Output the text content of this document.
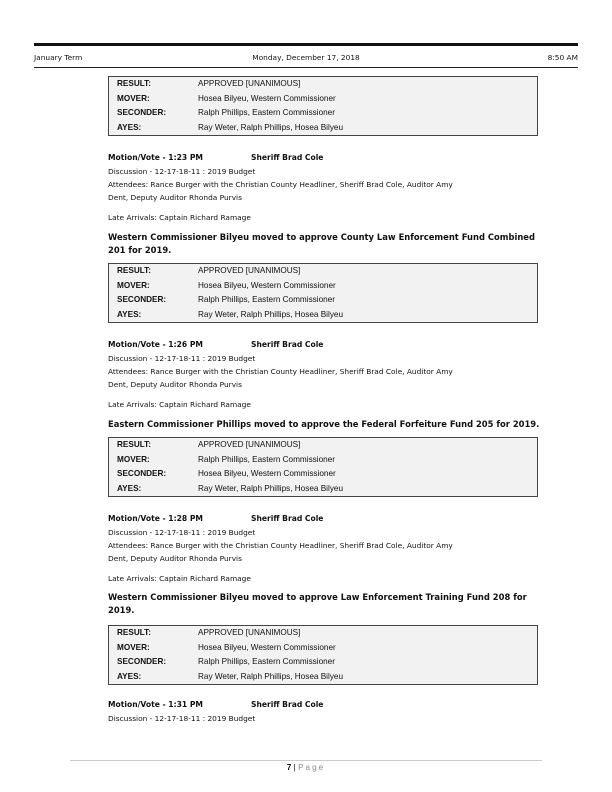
January Term	Monday, December 17, 2018	8:50 AM
RESULT:	APPROVED [UNANIMOUS]
MOVER:	Hosea Bilyeu, Western Commissioner
SECONDER:	Ralph Phillips, Eastern Commissioner
AYES:	Ray Weter, Ralph Phillips, Hosea Bilyeu
Motion/Vote - 1:23 PM	Sheriff Brad Cole
Discussion - 12-17-18-11 : 2019 Budget
Attendees: Rance Burger with the Christian County Headliner, Sheriff Brad Cole, Auditor Amy
Dent, Deputy Auditor Rhonda Purvis
Late Arrivals: Captain Richard Ramage
Western Commissioner Bilyeu moved to approve County Law Enforcement Fund Combined
201 for 2019.
RESULT:	APPROVED [UNANIMOUS]
MOVER:	Hosea Bilyeu, Western Commissioner
SECONDER:	Ralph Phillips, Eastern Commissioner
AYES:	Ray Weter, Ralph Phillips, Hosea Bilyeu
Motion/Vote - 1:26 PM	Sheriff Brad Cole
Discussion - 12-17-18-11 : 2019 Budget
Attendees: Rance Burger with the Christian County Headliner, Sheriff Brad Cole, Auditor Amy
Dent, Deputy Auditor Rhonda Purvis
Late Arrivals: Captain Richard Ramage
Eastern Commissioner Phillips moved to approve the Federal Forfeiture Fund 205 for 2019.
RESULT:	APPROVED [UNANIMOUS]
MOVER:	Ralph Phillips, Eastern Commissioner
SECONDER:	Hosea Bilyeu, Western Commissioner
AYES:	Ray Weter, Ralph Phillips, Hosea Bilyeu
Motion/Vote - 1:28 PM	Sheriff Brad Cole
Discussion - 12-17-18-11 : 2019 Budget
Attendees: Rance Burger with the Christian County Headliner, Sheriff Brad Cole, Auditor Amy
Dent, Deputy Auditor Rhonda Purvis
Late Arrivals: Captain Richard Ramage
Western Commissioner Bilyeu moved to approve Law Enforcement Training Fund 208 for
2019.
RESULT:	APPROVED [UNANIMOUS]
MOVER:	Hosea Bilyeu, Western Commissioner
SECONDER:	Ralph Phillips, Eastern Commissioner
AYES:	Ray Weter, Ralph Phillips, Hosea Bilyeu
Motion/Vote - 1:31 PM	Sheriff Brad Cole
Discussion - 12-17-18-11 : 2019 Budget
7 | Page
